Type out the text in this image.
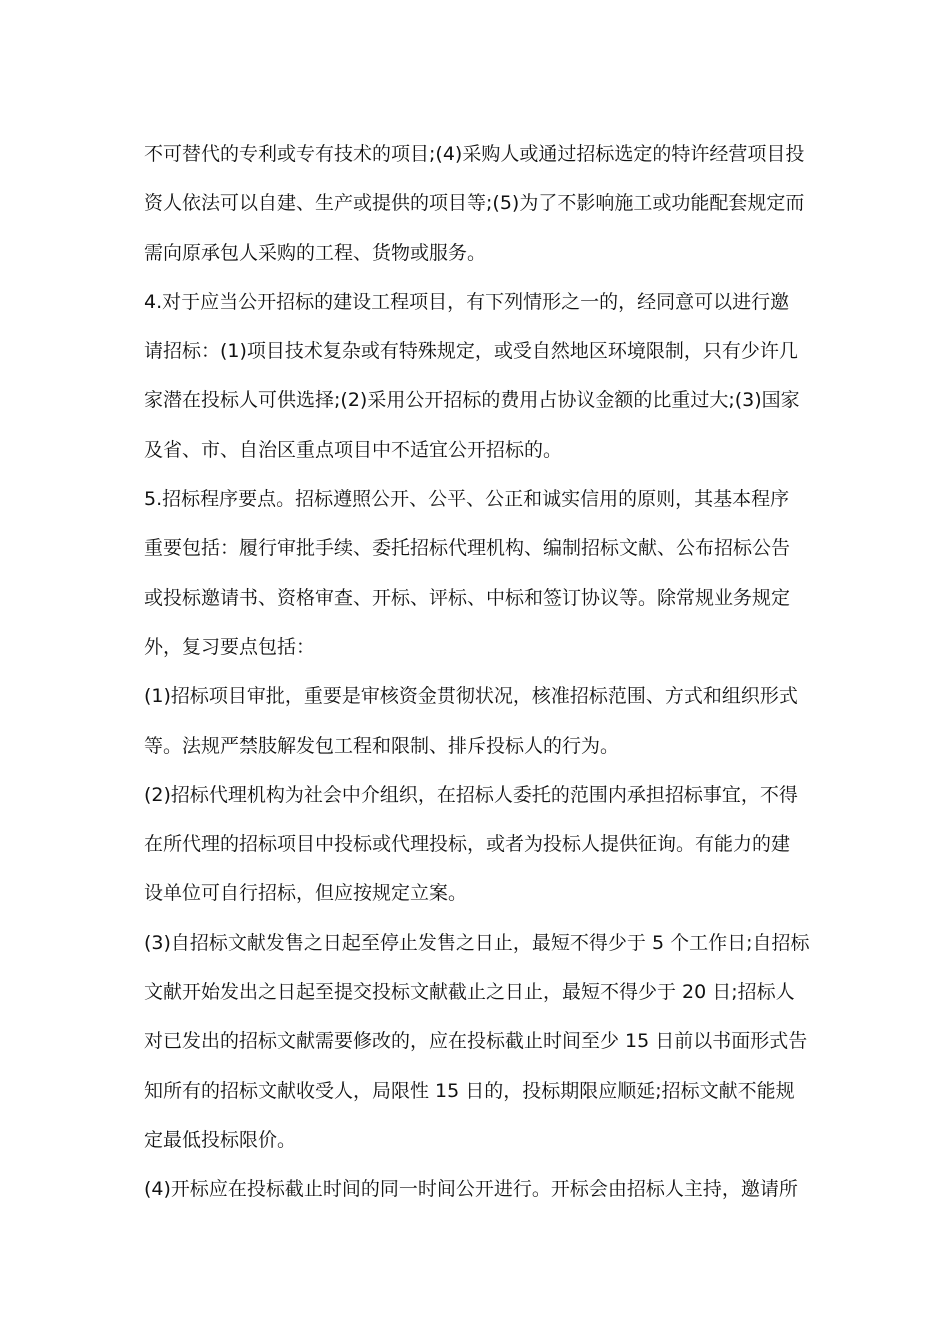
不可替代的专利或专有技术的项目;(4)采购人或通过招标选定的特许经营项目投
资人依法可以自建、生产或提供的项目等;(5)为了不影响施工或功能配套规定而
需向原承包人采购的工程、货物或服务。
4.对于应当公开招标的建设工程项目，有下列情形之一的，经同意可以进行邀
请招标：(1)项目技术复杂或有特殊规定，或受自然地区环境限制，只有少许几
家潜在投标人可供选择;(2)采用公开招标的费用占协议金额的比重过大;(3)国家
及省、市、自治区重点项目中不适宜公开招标的。
5.招标程序要点。招标遵照公开、公平、公正和诚实信用的原则，其基本程序
重要包括：履行审批手续、委托招标代理机构、编制招标文献、公布招标公告
或投标邀请书、资格审查、开标、评标、中标和签订协议等。除常规业务规定
外，复习要点包括：
(1)招标项目审批，重要是审核资金贯彻状况，核准招标范围、方式和组织形式
等。法规严禁肢解发包工程和限制、排斥投标人的行为。
(2)招标代理机构为社会中介组织，在招标人委托的范围内承担招标事宜，不得
在所代理的招标项目中投标或代理投标，或者为投标人提供征询。有能力的建
设单位可自行招标，但应按规定立案。
(3)自招标文献发售之日起至停止发售之日止，最短不得少于 5 个工作日;自招标
文献开始发出之日起至提交投标文献截止之日止，最短不得少于 20 日;招标人
对已发出的招标文献需要修改的，应在投标截止时间至少 15 日前以书面形式告
知所有的招标文献收受人，局限性 15 日的，投标期限应顺延;招标文献不能规
定最低投标限价。
(4)开标应在投标截止时间的同一时间公开进行。开标会由招标人主持，邀请所
